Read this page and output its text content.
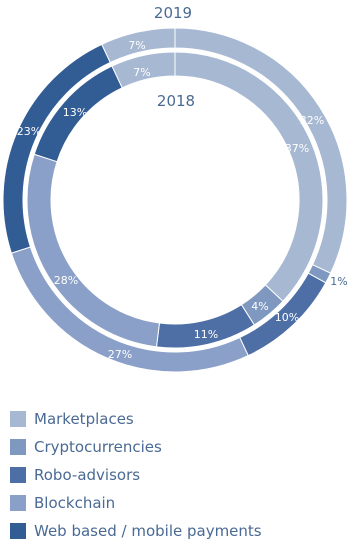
32%
1%
10%
27%
23%
7%
37%
4%
11%
28%
13%
7%
2019
2018
Marketplaces
Cryptocurrencies
Robo-advisors
Blockchain
Web based / mobile payments
